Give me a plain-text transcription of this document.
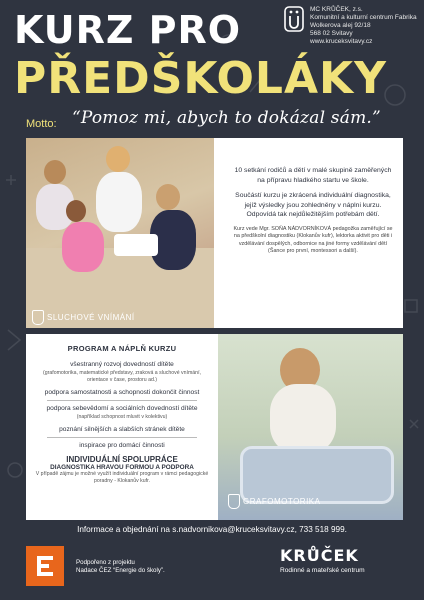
KURZ PRO
PŘEDŠKOLÁKY
MC KRŮČEK, z.s.
Komunitní a kulturní centrum Fabrika
Wolkerova alej 92/18
568 02 Svitavy
www.kruceksvitavy.cz
Motto: “Pomoz mi, abych to dokázal sám.”
SLUCHOVÉ VNÍMÁNÍ
10 setkání rodičů a dětí v malé skupině zaměřených na přípravu hladkého startu ve škole.
Součástí kurzu je zkrácená individuální diagnostika, jejíž výsledky jsou zohledněny v náplni kurzu. Odpovídá tak nejdůležitějším potřebám dětí.
Kurz vede Mgr. SOŇA NÁDVORNÍKOVÁ pedagožka zaměřující se na předškolní diagnostiku (Klokanův kufr), lektorka aktivit pro děti i vzdělávání dospělých, odbornice na jiné formy vzdělávání dětí (Šance pro první, montessori a další).
PROGRAM A NÁPLŇ KURZU
všestranný rozvoj dovedností dítěte
(grafomotorika, matematické představy, zraková a sluchové vnímání, orientace v čase, prostoru ad.)
podpora samostatnosti a schopnosti dokončit činnost
podpora sebevědomí a sociálních dovedností dítěte
(například schopnost mluvit v kolektivu)
poznání silnějších a slabších stránek dítěte
inspirace pro domácí činnosti
INDIVIDUÁLNÍ SPOLUPRÁCE
DIAGNOSTIKA HRAVOU FORMOU A PODPORA
V případě zájmu je možné využít individuální program v rámci pedagogické poradny - Klokanův kufr.
GRAFOMOTORIKA
Informace a objednání na s.nadvornikova@kruceksvitavy.cz, 733 518 999.
Podpořeno z projektu
Nadace ČEZ “Energie do školy”.
KRŮČEK
Rodinné a mateřské centrum
